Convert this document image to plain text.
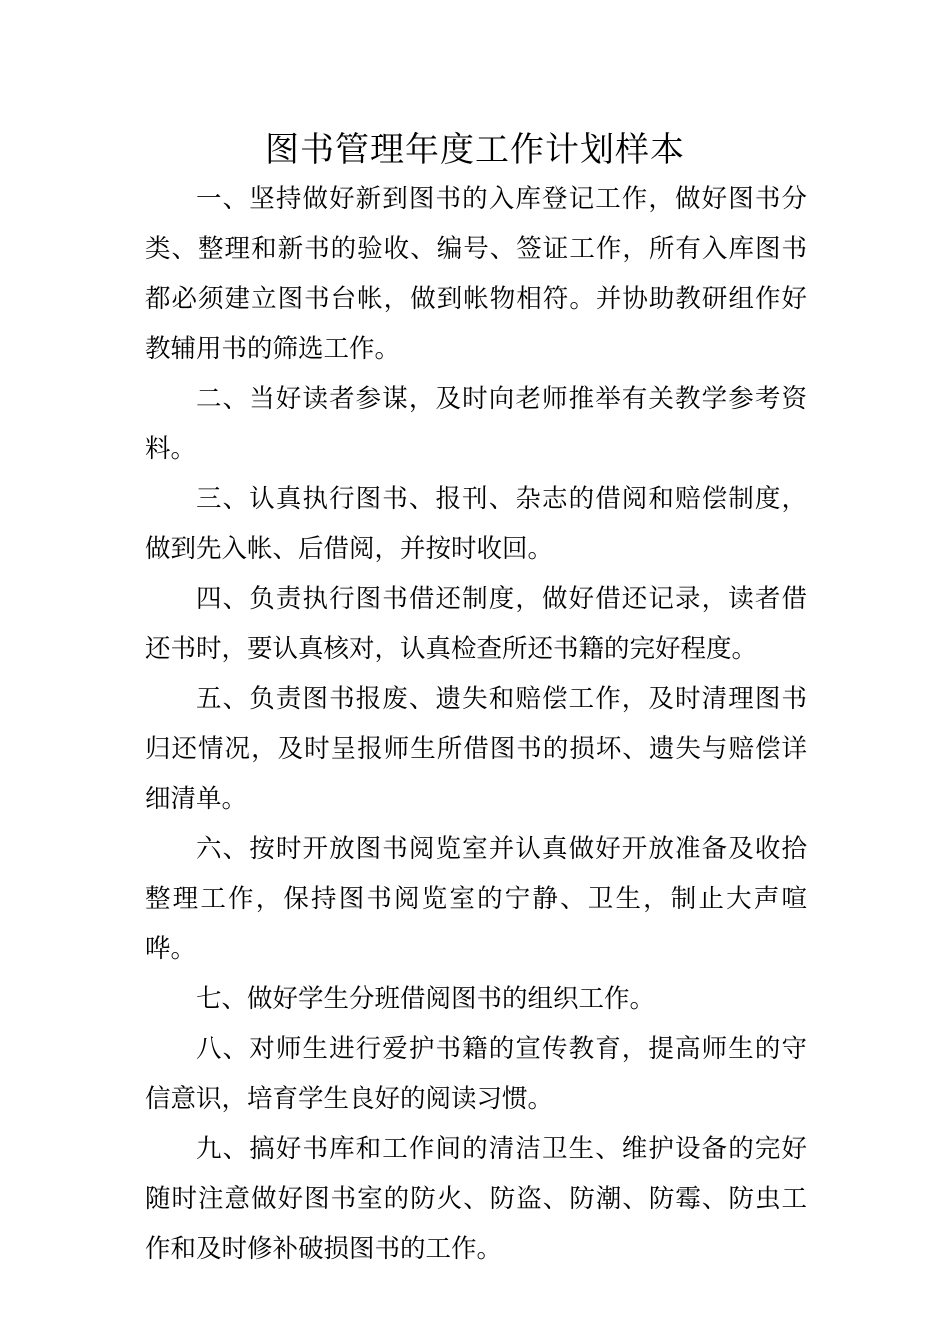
图书管理年度工作计划样本

一、坚持做好新到图书的入库登记工作，做好图书分类、整理和新书的验收、编号、签证工作，所有入库图书都必须建立图书台帐，做到帐物相符。并协助教研组作好教辅用书的筛选工作。

二、当好读者参谋，及时向老师推举有关教学参考资料。

三、认真执行图书、报刊、杂志的借阅和赔偿制度，做到先入帐、后借阅，并按时收回。

四、负责执行图书借还制度，做好借还记录，读者借还书时，要认真核对，认真检查所还书籍的完好程度。

五、负责图书报废、遗失和赔偿工作，及时清理图书归还情况，及时呈报师生所借图书的损坏、遗失与赔偿详细清单。

六、按时开放图书阅览室并认真做好开放准备及收拾整理工作，保持图书阅览室的宁静、卫生，制止大声喧哗。

七、做好学生分班借阅图书的组织工作。

八、对师生进行爱护书籍的宣传教育，提高师生的守信意识，培育学生良好的阅读习惯。

九、搞好书库和工作间的清洁卫生、维护设备的完好随时注意做好图书室的防火、防盗、防潮、防霉、防虫工作和及时修补破损图书的工作。
